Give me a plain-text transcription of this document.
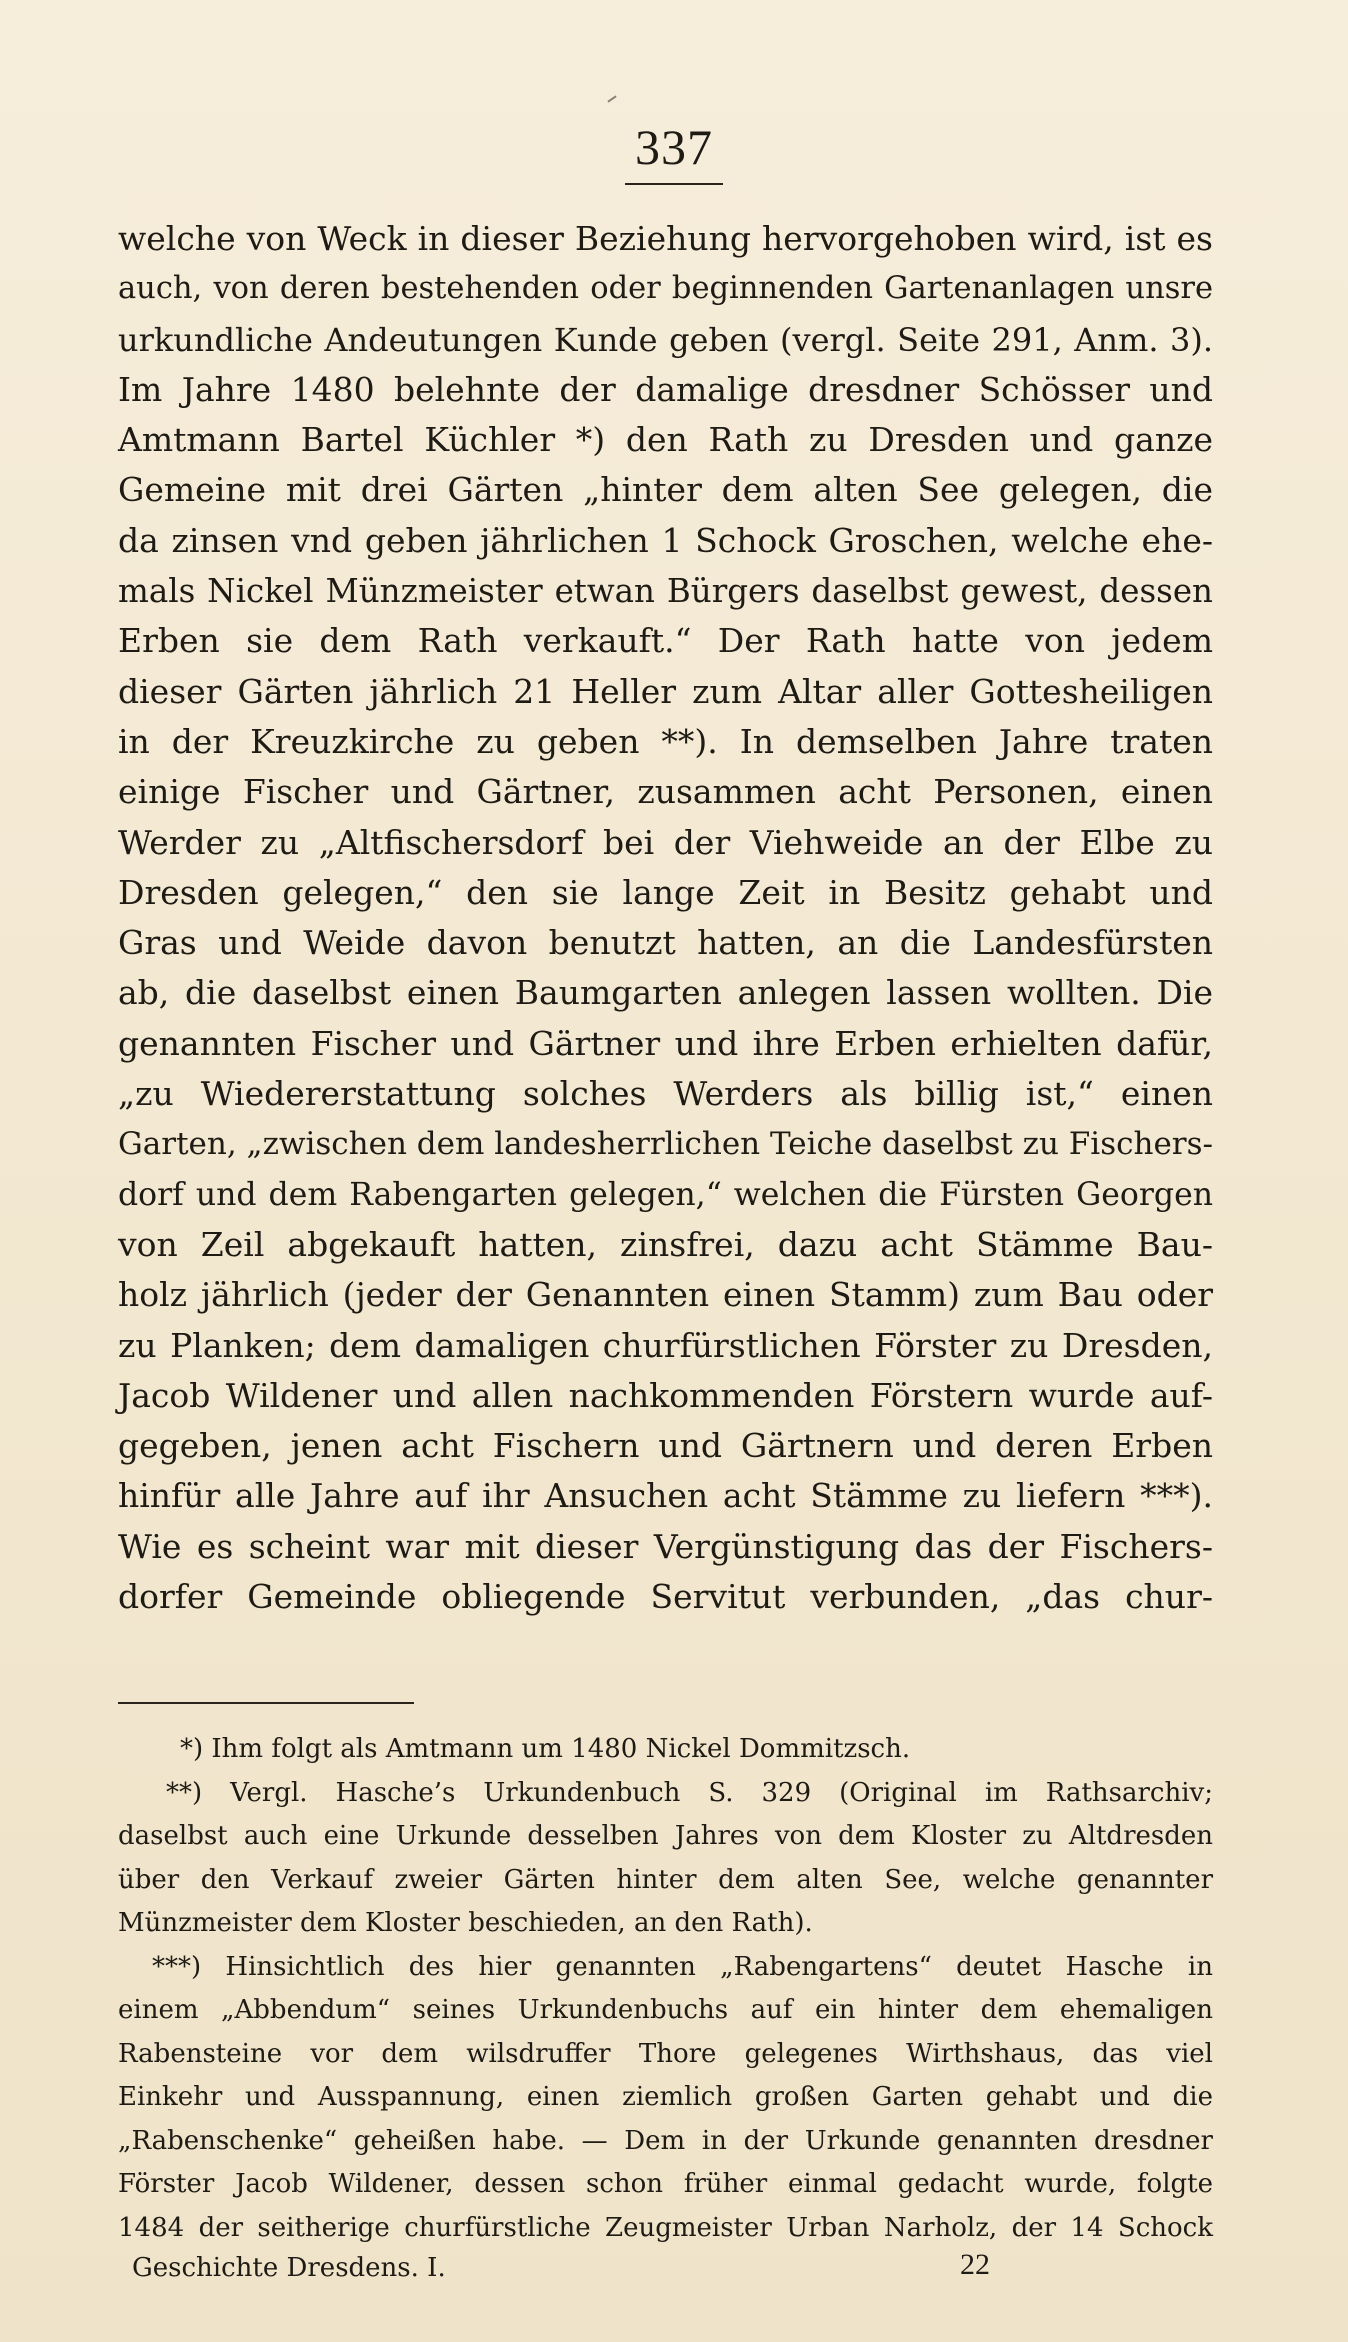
337
welche von Weck in dieser Beziehung hervorgehoben wird, ist es
auch, von deren bestehenden oder beginnenden Gartenanlagen unsre
urkundliche Andeutungen Kunde geben (vergl. Seite 291, Anm. 3).
Im Jahre 1480 belehnte der damalige dresdner Schösser und
Amtmann Bartel Küchler *) den Rath zu Dresden und ganze
Gemeine mit drei Gärten „hinter dem alten See gelegen, die
da zinsen vnd geben jährlichen 1 Schock Groschen, welche ehe-
mals Nickel Münzmeister etwan Bürgers daselbst gewest, dessen
Erben sie dem Rath verkauft.“ Der Rath hatte von jedem
dieser Gärten jährlich 21 Heller zum Altar aller Gottesheiligen
in der Kreuzkirche zu geben **). In demselben Jahre traten
einige Fischer und Gärtner, zusammen acht Personen, einen
Werder zu „Altfischersdorf bei der Viehweide an der Elbe zu
Dresden gelegen,“ den sie lange Zeit in Besitz gehabt und
Gras und Weide davon benutzt hatten, an die Landesfürsten
ab, die daselbst einen Baumgarten anlegen lassen wollten. Die
genannten Fischer und Gärtner und ihre Erben erhielten dafür,
„zu Wiedererstattung solches Werders als billig ist,“ einen
Garten, „zwischen dem landesherrlichen Teiche daselbst zu Fischers-
dorf und dem Rabengarten gelegen,“ welchen die Fürsten Georgen
von Zeil abgekauft hatten, zinsfrei, dazu acht Stämme Bau-
holz jährlich (jeder der Genannten einen Stamm) zum Bau oder
zu Planken; dem damaligen churfürstlichen Förster zu Dresden,
Jacob Wildener und allen nachkommenden Förstern wurde auf-
gegeben, jenen acht Fischern und Gärtnern und deren Erben
hinfür alle Jahre auf ihr Ansuchen acht Stämme zu liefern ***).
Wie es scheint war mit dieser Vergünstigung das der Fischers-
dorfer Gemeinde obliegende Servitut verbunden, „das chur-
*) Ihm folgt als Amtmann um 1480 Nickel Dommitzsch.
**) Vergl. Hasche’s Urkundenbuch S. 329 (Original im Rathsarchiv;
daselbst auch eine Urkunde desselben Jahres von dem Kloster zu Altdresden
über den Verkauf zweier Gärten hinter dem alten See, welche genannter
Münzmeister dem Kloster beschieden, an den Rath).
***) Hinsichtlich des hier genannten „Rabengartens“ deutet Hasche in
einem „Abbendum“ seines Urkundenbuchs auf ein hinter dem ehemaligen
Rabensteine vor dem wilsdruffer Thore gelegenes Wirthshaus, das viel
Einkehr und Ausspannung, einen ziemlich großen Garten gehabt und die
„Rabenschenke“ geheißen habe. — Dem in der Urkunde genannten dresdner
Förster Jacob Wildener, dessen schon früher einmal gedacht wurde, folgte
1484 der seitherige churfürstliche Zeugmeister Urban Narholz, der 14 Schock
Geschichte Dresdens. I.	22
